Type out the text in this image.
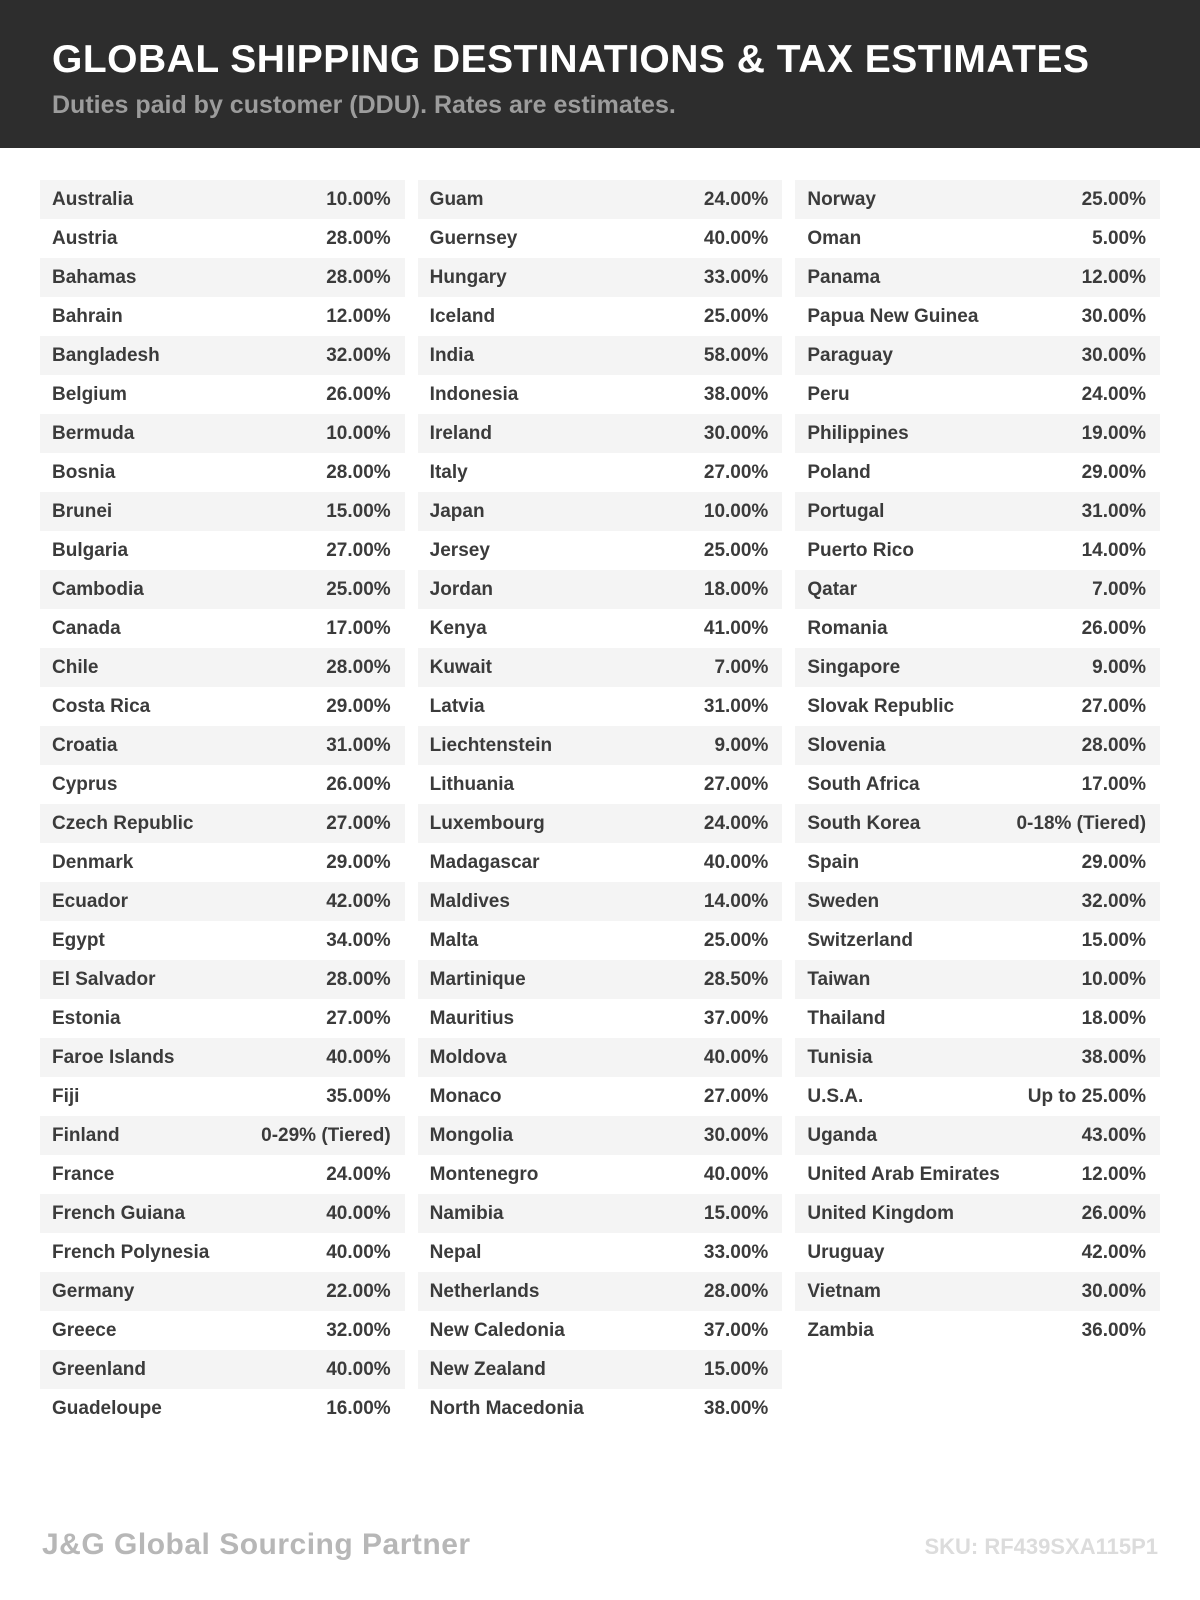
GLOBAL SHIPPING DESTINATIONS & TAX ESTIMATES

Duties paid by customer (DDU). Rates are estimates.

Australia	10.00%
Austria	28.00%
Bahamas	28.00%
Bahrain	12.00%
Bangladesh	32.00%
Belgium	26.00%
Bermuda	10.00%
Bosnia	28.00%
Brunei	15.00%
Bulgaria	27.00%
Cambodia	25.00%
Canada	17.00%
Chile	28.00%
Costa Rica	29.00%
Croatia	31.00%
Cyprus	26.00%
Czech Republic	27.00%
Denmark	29.00%
Ecuador	42.00%
Egypt	34.00%
El Salvador	28.00%
Estonia	27.00%
Faroe Islands	40.00%
Fiji	35.00%
Finland	0-29% (Tiered)
France	24.00%
French Guiana	40.00%
French Polynesia	40.00%
Germany	22.00%
Greece	32.00%
Greenland	40.00%
Guadeloupe	16.00%
Guam	24.00%
Guernsey	40.00%
Hungary	33.00%
Iceland	25.00%
India	58.00%
Indonesia	38.00%
Ireland	30.00%
Italy	27.00%
Japan	10.00%
Jersey	25.00%
Jordan	18.00%
Kenya	41.00%
Kuwait	7.00%
Latvia	31.00%
Liechtenstein	9.00%
Lithuania	27.00%
Luxembourg	24.00%
Madagascar	40.00%
Maldives	14.00%
Malta	25.00%
Martinique	28.50%
Mauritius	37.00%
Moldova	40.00%
Monaco	27.00%
Mongolia	30.00%
Montenegro	40.00%
Namibia	15.00%
Nepal	33.00%
Netherlands	28.00%
New Caledonia	37.00%
New Zealand	15.00%
North Macedonia	38.00%
Norway	25.00%
Oman	5.00%
Panama	12.00%
Papua New Guinea	30.00%
Paraguay	30.00%
Peru	24.00%
Philippines	19.00%
Poland	29.00%
Portugal	31.00%
Puerto Rico	14.00%
Qatar	7.00%
Romania	26.00%
Singapore	9.00%
Slovak Republic	27.00%
Slovenia	28.00%
South Africa	17.00%
South Korea	0-18% (Tiered)
Spain	29.00%
Sweden	32.00%
Switzerland	15.00%
Taiwan	10.00%
Thailand	18.00%
Tunisia	38.00%
U.S.A.	Up to 25.00%
Uganda	43.00%
United Arab Emirates	12.00%
United Kingdom	26.00%
Uruguay	42.00%
Vietnam	30.00%
Zambia	36.00%
J&G Global Sourcing Partner	SKU: RF439SXA115P1
